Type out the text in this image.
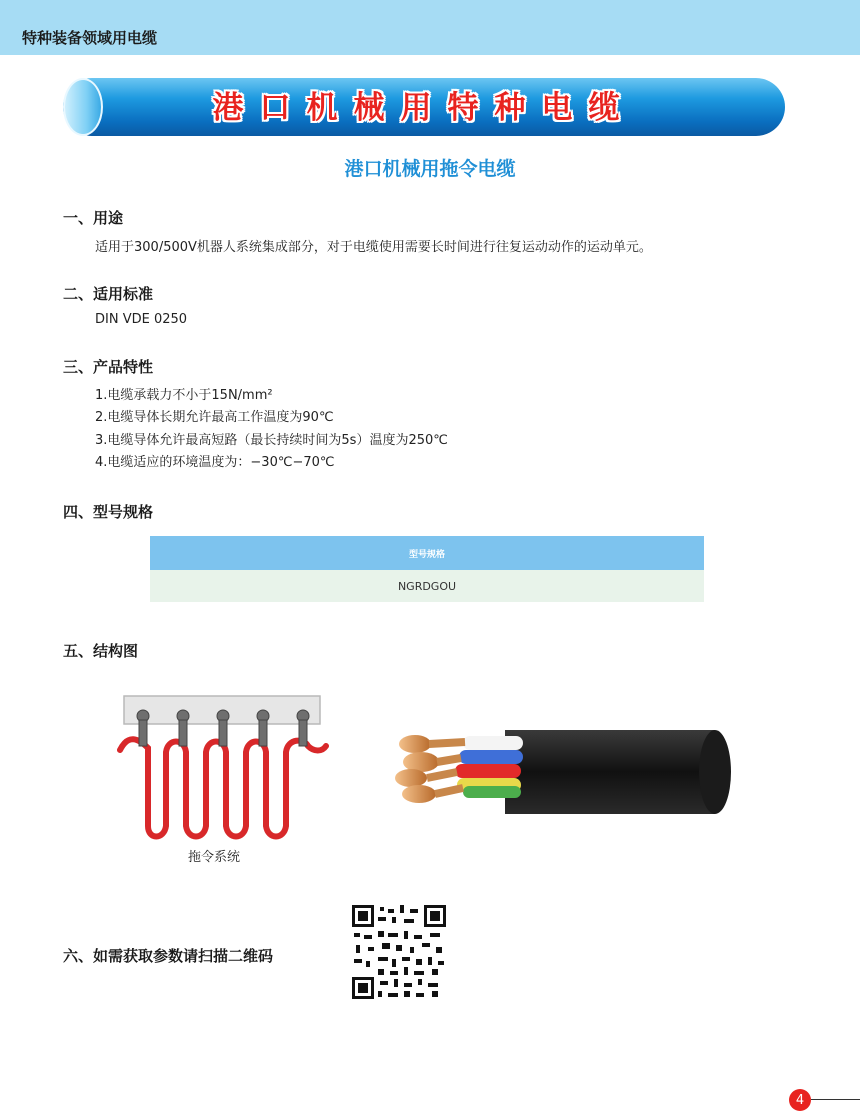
特种装备领域用电缆
港口机械用特种电缆
港口机械用拖令电缆
一、用途
适用于300/500V机器人系统集成部分，对于电缆使用需要长时间进行往复运动动作的运动单元。
二、适用标准
DIN VDE 0250
三、产品特性
1.电缆承载力不小于15N/mm²
2.电缆导体长期允许最高工作温度为90℃
3.电缆导体允许最高短路（最长持续时间为5s）温度为250℃
4.电缆适应的环境温度为：−30℃−70℃
四、型号规格
型号规格
NGRDGOU
五、结构图
拖令系统
六、如需获取参数请扫描二维码
4
